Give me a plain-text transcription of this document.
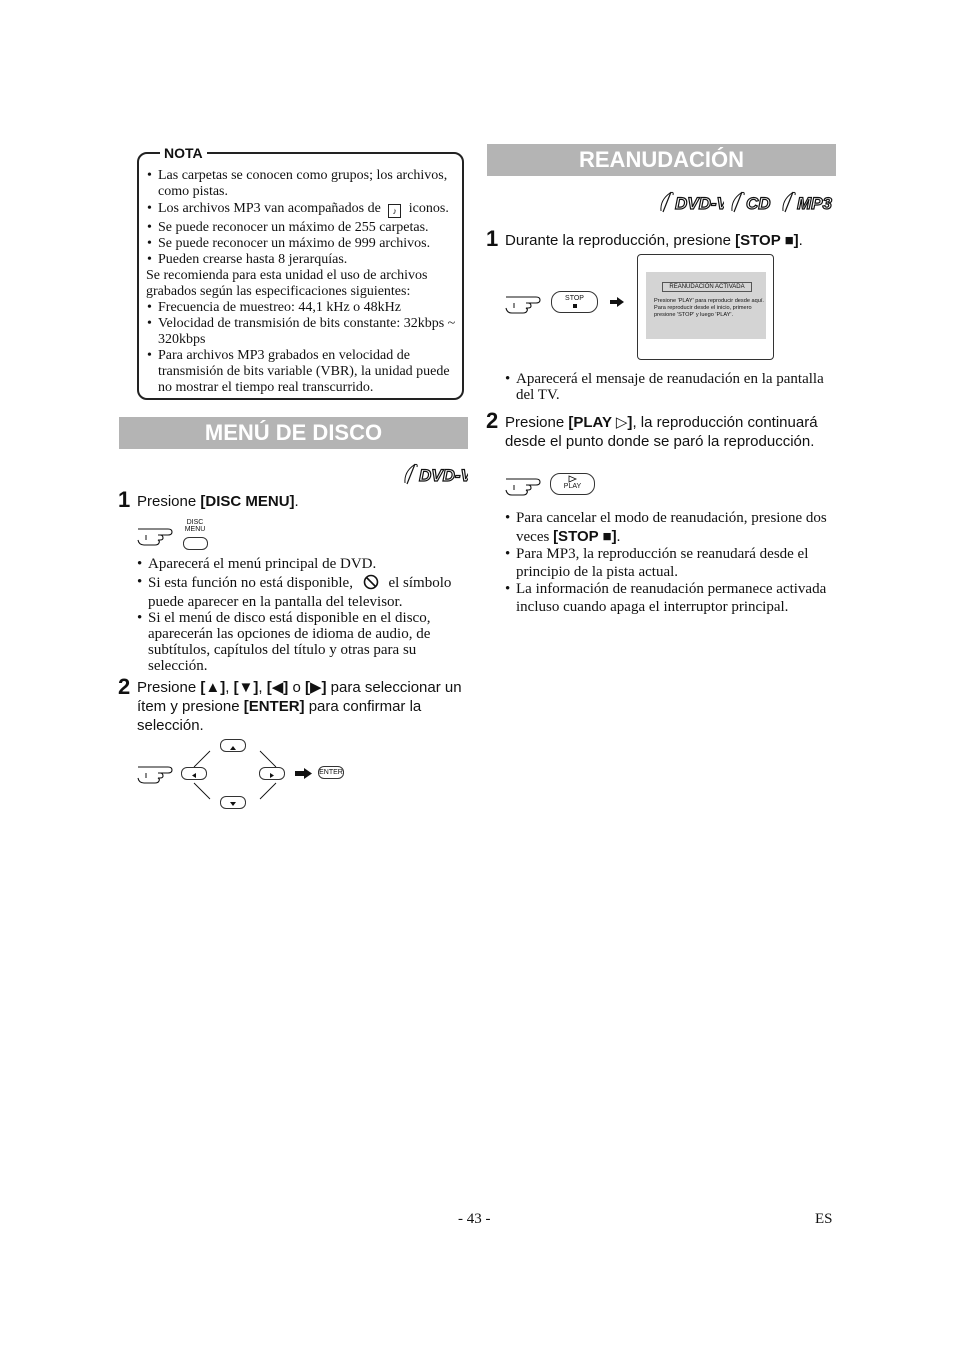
NOTA
• Las carpetas se conocen como grupos; los archivos, como pistas.
• Los archivos MP3 van acompañados de ♪ iconos.
• Se puede reconocer un máximo de 255 carpetas.
• Se puede reconocer un máximo de 999 archivos.
• Pueden crearse hasta 8 jerarquías.
Se recomienda para esta unidad el uso de archivos grabados según las especificaciones siguientes:
• Frecuencia de muestreo: 44,1 kHz o 48kHz
• Velocidad de transmisión de bits constante: 32kbps ~ 320kbps
• Para archivos MP3 grabados en velocidad de transmisión de bits variable (VBR), la unidad puede no mostrar el tiempo real transcurrido.
MENÚ DE DISCO
DVD-V
1 Presione [DISC MENU].
DISC
MENU
• Aparecerá el menú principal de DVD.
• Si esta función no está disponible, el símbolo puede aparecer en la pantalla del televisor.
• Si el menú de disco está disponible en el disco, aparecerán las opciones de idioma de audio, de subtítulos, capítulos del título y otras para su selección.
2 Presione [▲], [▼], [◀] o [▶] para seleccionar un ítem y presione [ENTER] para confirmar la selección.
ENTER
REANUDACIÓN
DVD-V CD MP3
1 Durante la reproducción, presione [STOP ■].
STOP
REANUDACIÓN ACTIVADA
Presione 'PLAY' para reproducir desde aquí.
Para reproducir desde el inicio, primero presione 'STOP' y luego 'PLAY'.
• Aparecerá el mensaje de reanudación en la pantalla del TV.
2 Presione [PLAY ▷], la reproducción continuará desde el punto donde se paró la reproducción.
PLAY
• Para cancelar el modo de reanudación, presione dos veces [STOP ■].
• Para MP3, la reproducción se reanudará desde el principio de la pista actual.
• La información de reanudación permanece activada incluso cuando apaga el interruptor principal.
- 43 -	ES
